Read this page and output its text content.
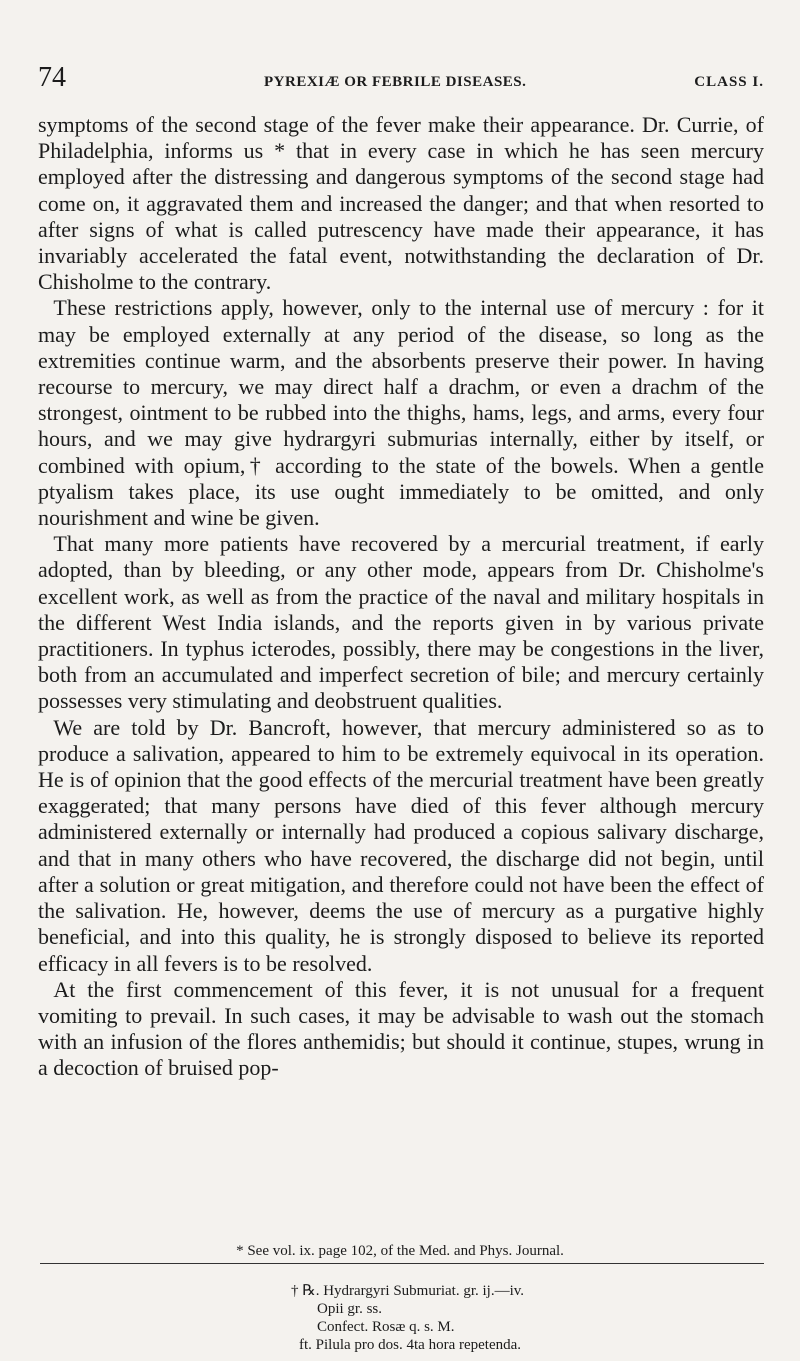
74	PYREXIÆ OR FEBRILE DISEASES.	CLASS I.

symptoms of the second stage of the fever make their appearance. Dr. Currie, of Philadelphia, informs us * that in every case in which he has seen mercury employed after the distressing and dangerous symptoms of the second stage had come on, it aggravated them and increased the danger; and that when resorted to after signs of what is called putrescency have made their appearance, it has invariably accelerated the fatal event, notwithstanding the declaration of Dr. Chisholme to the contrary.

These restrictions apply, however, only to the internal use of mercury : for it may be employed externally at any period of the disease, so long as the extremities continue warm, and the absorbents preserve their power. In having recourse to mercury, we may direct half a drachm, or even a drachm of the strongest, ointment to be rubbed into the thighs, hams, legs, and arms, every four hours, and we may give hydrargyri submurias internally, either by itself, or combined with opium,† according to the state of the bowels. When a gentle ptyalism takes place, its use ought immediately to be omitted, and only nourishment and wine be given.

That many more patients have recovered by a mercurial treatment, if early adopted, than by bleeding, or any other mode, appears from Dr. Chisholme's excellent work, as well as from the practice of the naval and military hospitals in the different West India islands, and the reports given in by various private practitioners. In typhus icterodes, possibly, there may be congestions in the liver, both from an accumulated and imperfect secretion of bile; and mercury certainly possesses very stimulating and deobstruent qualities.

We are told by Dr. Bancroft, however, that mercury administered so as to produce a salivation, appeared to him to be extremely equivocal in its operation. He is of opinion that the good effects of the mercurial treatment have been greatly exaggerated; that many persons have died of this fever although mercury administered externally or internally had produced a copious salivary discharge, and that in many others who have recovered, the discharge did not begin, until after a solution or great mitigation, and therefore could not have been the effect of the salivation. He, however, deems the use of mercury as a purgative highly beneficial, and into this quality, he is strongly disposed to believe its reported efficacy in all fevers is to be resolved.

At the first commencement of this fever, it is not unusual for a frequent vomiting to prevail. In such cases, it may be advisable to wash out the stomach with an infusion of the flores anthemidis; but should it continue, stupes, wrung in a decoction of bruised pop-

* See vol. ix. page 102, of the Med. and Phys. Journal.
† ℞. Hydrargyri Submuriat. gr. ij.—iv.
Opii gr. ss.
Confect. Rosæ q. s. M.
ft. Pilula pro dos. 4ta hora repetenda.
